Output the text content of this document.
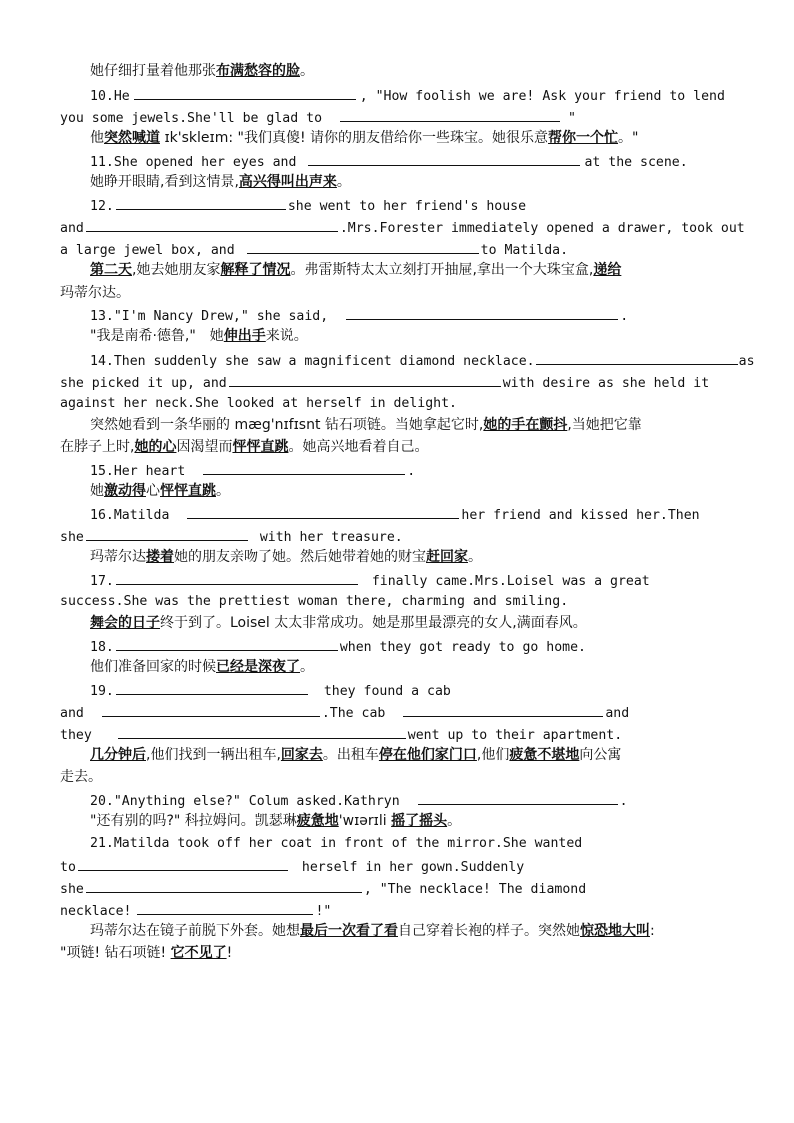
她仔细打量着他那张布满愁容的脸。
10.He	, "How foolish we are! Ask your friend to lend
you some jewels.She'll be glad to	"
他突然喊道 ɪk'skleɪm: "我们真傻! 请你的朋友借给你一些珠宝。她很乐意帮你一个忙。"
11.She opened her eyes and	at the scene.
她睁开眼睛,看到这情景,高兴得叫出声来。
12.	she went to her friend's house
and	.Mrs.Forester immediately opened a drawer, took out
a large jewel box, and	to Matilda.
第二天,她去她朋友家解释了情况。弗雷斯特太太立刻打开抽屉,拿出一个大珠宝盒,递给
玛蒂尔达。
13."I'm Nancy Drew," she said,	.
"我是南希·德鲁,"　她伸出手来说。
14.Then suddenly she saw a magnificent diamond necklace.	as
she picked it up, and	with desire as she held it
against her neck.She looked at herself in delight.
突然她看到一条华丽的 mæg'nɪfɪsnt 钻石项链。当她拿起它时,她的手在颤抖,当她把它靠
在脖子上时,她的心因渴望而怦怦直跳。她高兴地看着自己。
15.Her heart	.
她激动得心怦怦直跳。
16.Matilda	her friend and kissed her.Then
she	with her treasure.
玛蒂尔达搂着她的朋友亲吻了她。然后她带着她的财宝赶回家。
17.	finally came.Mrs.Loisel was a great
success.She was the prettiest woman there, charming and smiling.
舞会的日子终于到了。Loisel 太太非常成功。她是那里最漂亮的女人,满面春风。
18.	when they got ready to go home.
他们准备回家的时候已经是深夜了。
19.	they found a cab
and	.The cab	and
they	went up to their apartment.
几分钟后,他们找到一辆出租车,回家去。出租车停在他们家门口,他们疲惫不堪地向公寓
走去。
20."Anything else?" Colum asked.Kathryn	.
"还有别的吗?" 科拉姆问。凯瑟琳疲惫地'wɪərɪli 摇了摇头。
21.Matilda took off her coat in front of the mirror.She wanted
to	herself in her gown.Suddenly
she	, "The necklace! The diamond
necklace!	!"
玛蒂尔达在镜子前脱下外套。她想最后一次看了看自己穿着长袍的样子。突然她惊恐地大叫:
"项链! 钻石项链! 它不见了!
